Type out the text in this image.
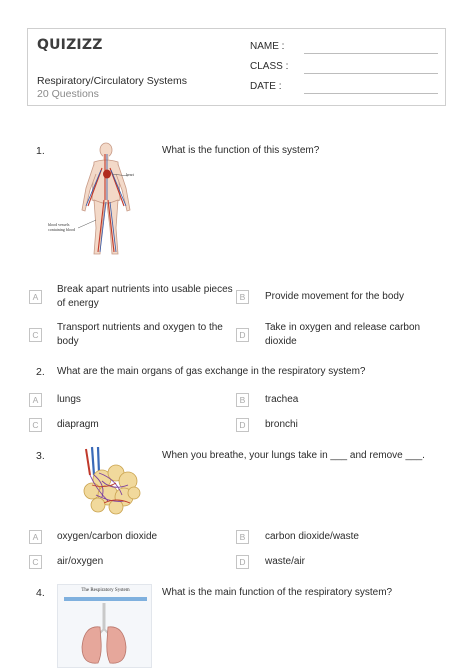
QUIZIZZ
Respiratory/Circulatory Systems
20 Questions
NAME :
CLASS :
DATE :
1.
heart
blood vessels containing blood
What is the function of this system?
A
Break apart nutrients into usable pieces of energy
B	Provide movement for the body
C
Transport nutrients and oxygen to the body
D
Take in oxygen and release carbon dioxide
2. What are the main organs of gas exchange in the respiratory system?
A	lungs	B	trachea
C	diapragm	D	bronchi
3.	When you breathe, your lungs take in ___ and remove ___.
A	oxygen/carbon dioxide	B	carbon dioxide/waste
C	air/oxygen	D	waste/air
4.	The Respiratory System	What is the main function of the respiratory system?
